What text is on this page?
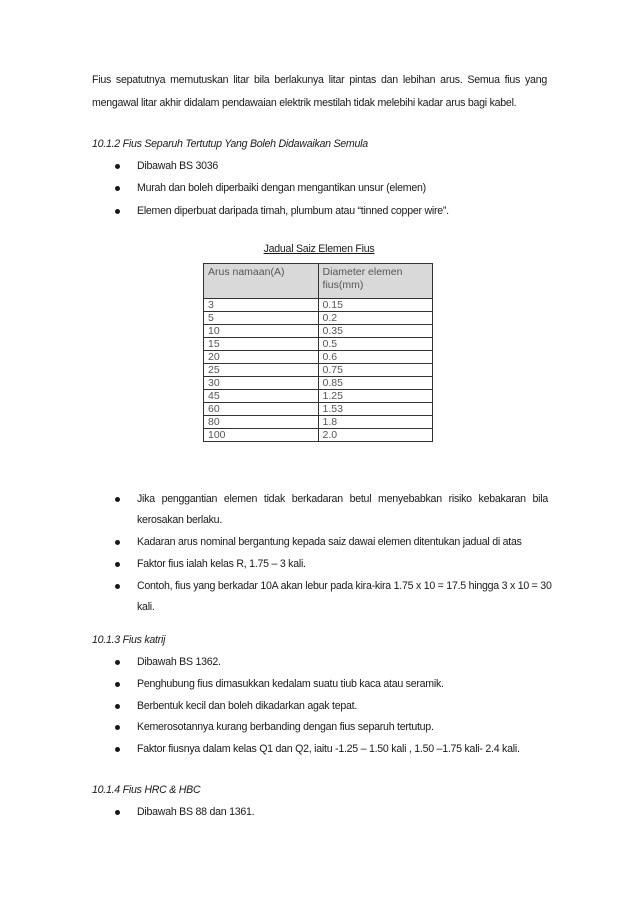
Fius sepatutnya memutuskan litar bila berlakunya litar pintas dan lebihan arus. Semua fius yang
mengawal litar akhir didalam pendawaian elektrik mestilah tidak melebihi kadar arus bagi kabel.
10.1.2 Fius Separuh Tertutup Yang Boleh Didawaikan Semula
Dibawah BS 3036
Murah dan boleh diperbaiki dengan mengantikan unsur (elemen)
Elemen diperbuat daripada timah, plumbum atau “tinned copper wire”.
Jadual Saiz Elemen Fius
Arus namaan(A)	Diameter elemen fius(mm)
3	0.15
5	0.2
10	0.35
15	0.5
20	0.6
25	0.75
30	0.85
45	1.25
60	1.53
80	1.8
100	2.0
Jika penggantian elemen tidak berkadaran betul menyebabkan risiko kebakaran bila
kerosakan berlaku.
Kadaran arus nominal bergantung kepada saiz dawai elemen ditentukan jadual di atas
Faktor fius ialah kelas R, 1.75 – 3 kali.
Contoh, fius yang berkadar 10A akan lebur pada kira-kira 1.75 x 10 = 17.5 hingga 3 x 10 = 30
kali.
10.1.3 Fius katrij
Dibawah BS 1362.
Penghubung fius dimasukkan kedalam suatu tiub kaca atau seramik.
Berbentuk kecil dan boleh dikadarkan agak tepat.
Kemerosotannya kurang berbanding dengan fius separuh tertutup.
Faktor fiusnya dalam kelas Q1 dan Q2, iaitu -1.25 – 1.50 kali , 1.50 –1.75 kali- 2.4 kali.
10.1.4 Fius HRC & HBC
Dibawah BS 88 dan 1361.
